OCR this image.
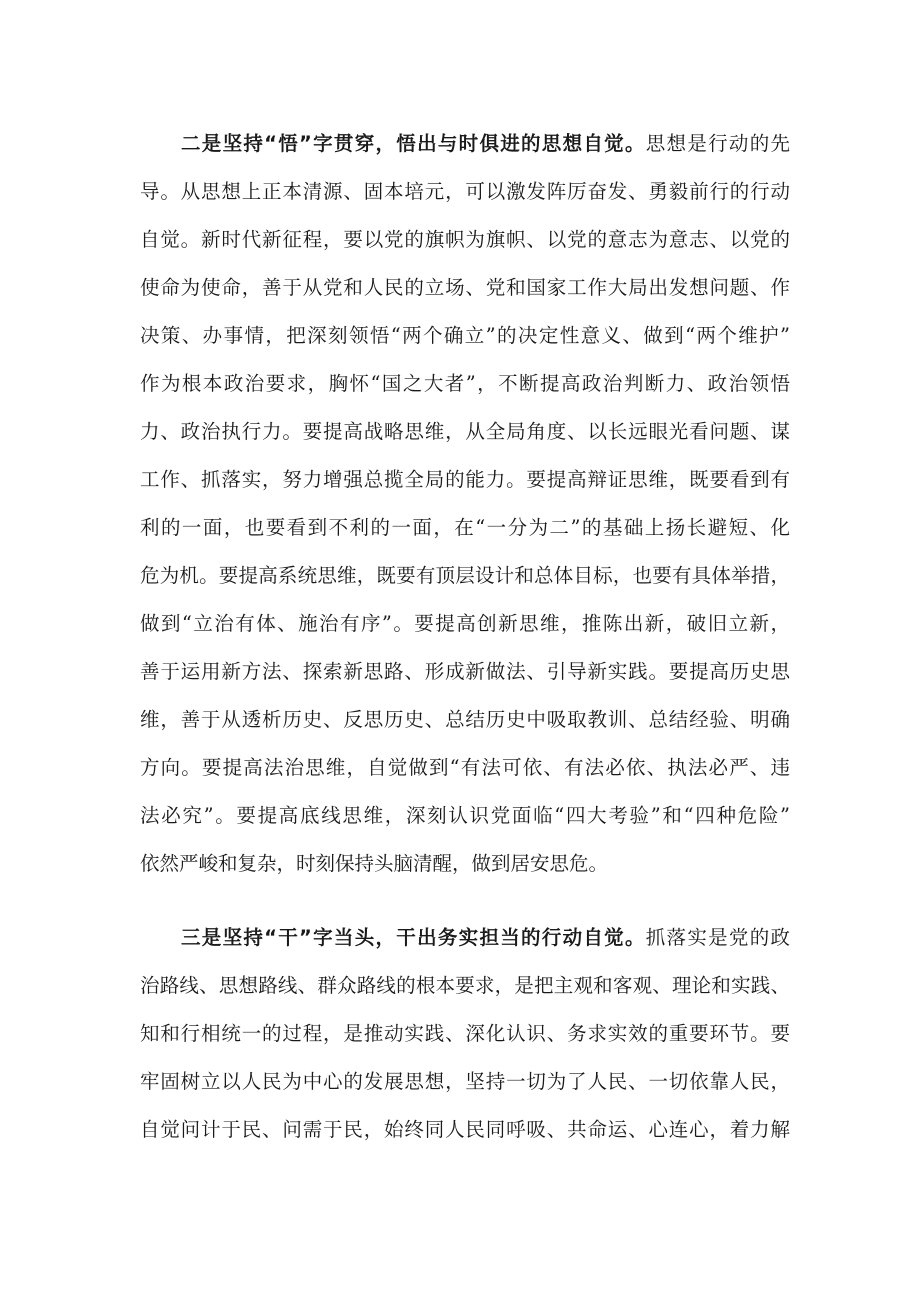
二是坚持“悟”字贯穿，悟出与时俱进的思想自觉。思想是行动的先
导。从思想上正本清源、固本培元，可以激发阵厉奋发、勇毅前行的行动
自觉。新时代新征程，要以党的旗帜为旗帜、以党的意志为意志、以党的
使命为使命，善于从党和人民的立场、党和国家工作大局出发想问题、作
决策、办事情，把深刻领悟“两个确立”的决定性意义、做到“两个维护”
作为根本政治要求，胸怀“国之大者”，不断提高政治判断力、政治领悟
力、政治执行力。要提高战略思维，从全局角度、以长远眼光看问题、谋
工作、抓落实，努力增强总揽全局的能力。要提高辩证思维，既要看到有
利的一面，也要看到不利的一面，在“一分为二”的基础上扬长避短、化
危为机。要提高系统思维，既要有顶层设计和总体目标，也要有具体举措，
做到“立治有体、施治有序”。要提高创新思维，推陈出新，破旧立新，
善于运用新方法、探索新思路、形成新做法、引导新实践。要提高历史思
维，善于从透析历史、反思历史、总结历史中吸取教训、总结经验、明确
方向。要提高法治思维，自觉做到“有法可依、有法必依、执法必严、违
法必究”。要提高底线思维，深刻认识党面临“四大考验”和“四种危险”
依然严峻和复杂，时刻保持头脑清醒，做到居安思危。
三是坚持“干”字当头，干出务实担当的行动自觉。抓落实是党的政
治路线、思想路线、群众路线的根本要求，是把主观和客观、理论和实践、
知和行相统一的过程，是推动实践、深化认识、务求实效的重要环节。要
牢固树立以人民为中心的发展思想，坚持一切为了人民、一切依靠人民，
自觉问计于民、问需于民，始终同人民同呼吸、共命运、心连心，着力解
